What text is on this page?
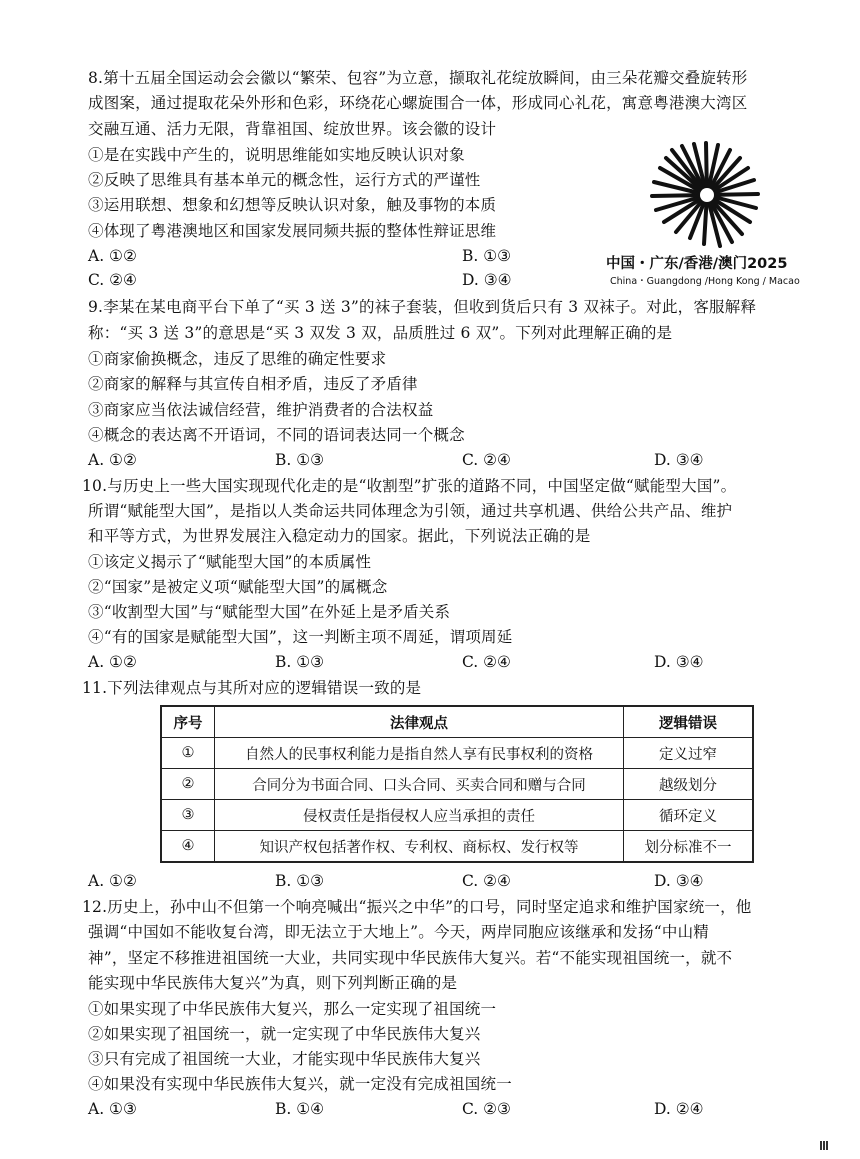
8.第十五届全国运动会会徽以“繁荣、包容”为立意，撷取礼花绽放瞬间，由三朵花瓣交叠旋转形
成图案，通过提取花朵外形和色彩，环绕花心螺旋围合一体，形成同心礼花，寓意粤港澳大湾区
交融互通、活力无限，背靠祖国、绽放世界。该会徽的设计
①是在实践中产生的，说明思维能如实地反映认识对象
②反映了思维具有基本单元的概念性，运行方式的严谨性
③运用联想、想象和幻想等反映认识对象，触及事物的本质
④体现了粤港澳地区和国家发展同频共振的整体性辩证思维
A. ①②	B. ①③
C. ②④	D. ③④
中国・广东/香港/澳门2025
China・Guangdong /Hong Kong / Macao
9.李某在某电商平台下单了“买 3 送 3”的袜子套装，但收到货后只有 3 双袜子。对此，客服解释
称：“买 3 送 3”的意思是“买 3 双发 3 双，品质胜过 6 双”。下列对此理解正确的是
①商家偷换概念，违反了思维的确定性要求
②商家的解释与其宣传自相矛盾，违反了矛盾律
③商家应当依法诚信经营，维护消费者的合法权益
④概念的表达离不开语词，不同的语词表达同一个概念
A. ①②	B. ①③	C. ②④	D. ③④
10.与历史上一些大国实现现代化走的是“收割型”扩张的道路不同，中国坚定做“赋能型大国”。
所谓“赋能型大国”，是指以人类命运共同体理念为引领，通过共享机遇、供给公共产品、维护
和平等方式，为世界发展注入稳定动力的国家。据此，下列说法正确的是
①该定义揭示了“赋能型大国”的本质属性
②“国家”是被定义项“赋能型大国”的属概念
③“收割型大国”与“赋能型大国”在外延上是矛盾关系
④“有的国家是赋能型大国”，这一判断主项不周延，谓项周延
A. ①②	B. ①③	C. ②④	D. ③④
11.下列法律观点与其所对应的逻辑错误一致的是
序号	法律观点	逻辑错误
①	自然人的民事权利能力是指自然人享有民事权利的资格	定义过窄
②	合同分为书面合同、口头合同、买卖合同和赠与合同	越级划分
③	侵权责任是指侵权人应当承担的责任	循环定义
④	知识产权包括著作权、专利权、商标权、发行权等	划分标准不一
A. ①②	B. ①③	C. ②④	D. ③④
12.历史上，孙中山不但第一个响亮喊出“振兴之中华”的口号，同时坚定追求和维护国家统一，他
强调“中国如不能收复台湾，即无法立于大地上”。今天，两岸同胞应该继承和发扬“中山精
神”，坚定不移推进祖国统一大业，共同实现中华民族伟大复兴。若“不能实现祖国统一，就不
能实现中华民族伟大复兴”为真，则下列判断正确的是
①如果实现了中华民族伟大复兴，那么一定实现了祖国统一
②如果实现了祖国统一，就一定实现了中华民族伟大复兴
③只有完成了祖国统一大业，才能实现中华民族伟大复兴
④如果没有实现中华民族伟大复兴，就一定没有完成祖国统一
A. ①③	B. ①④	C. ②③	D. ②④
